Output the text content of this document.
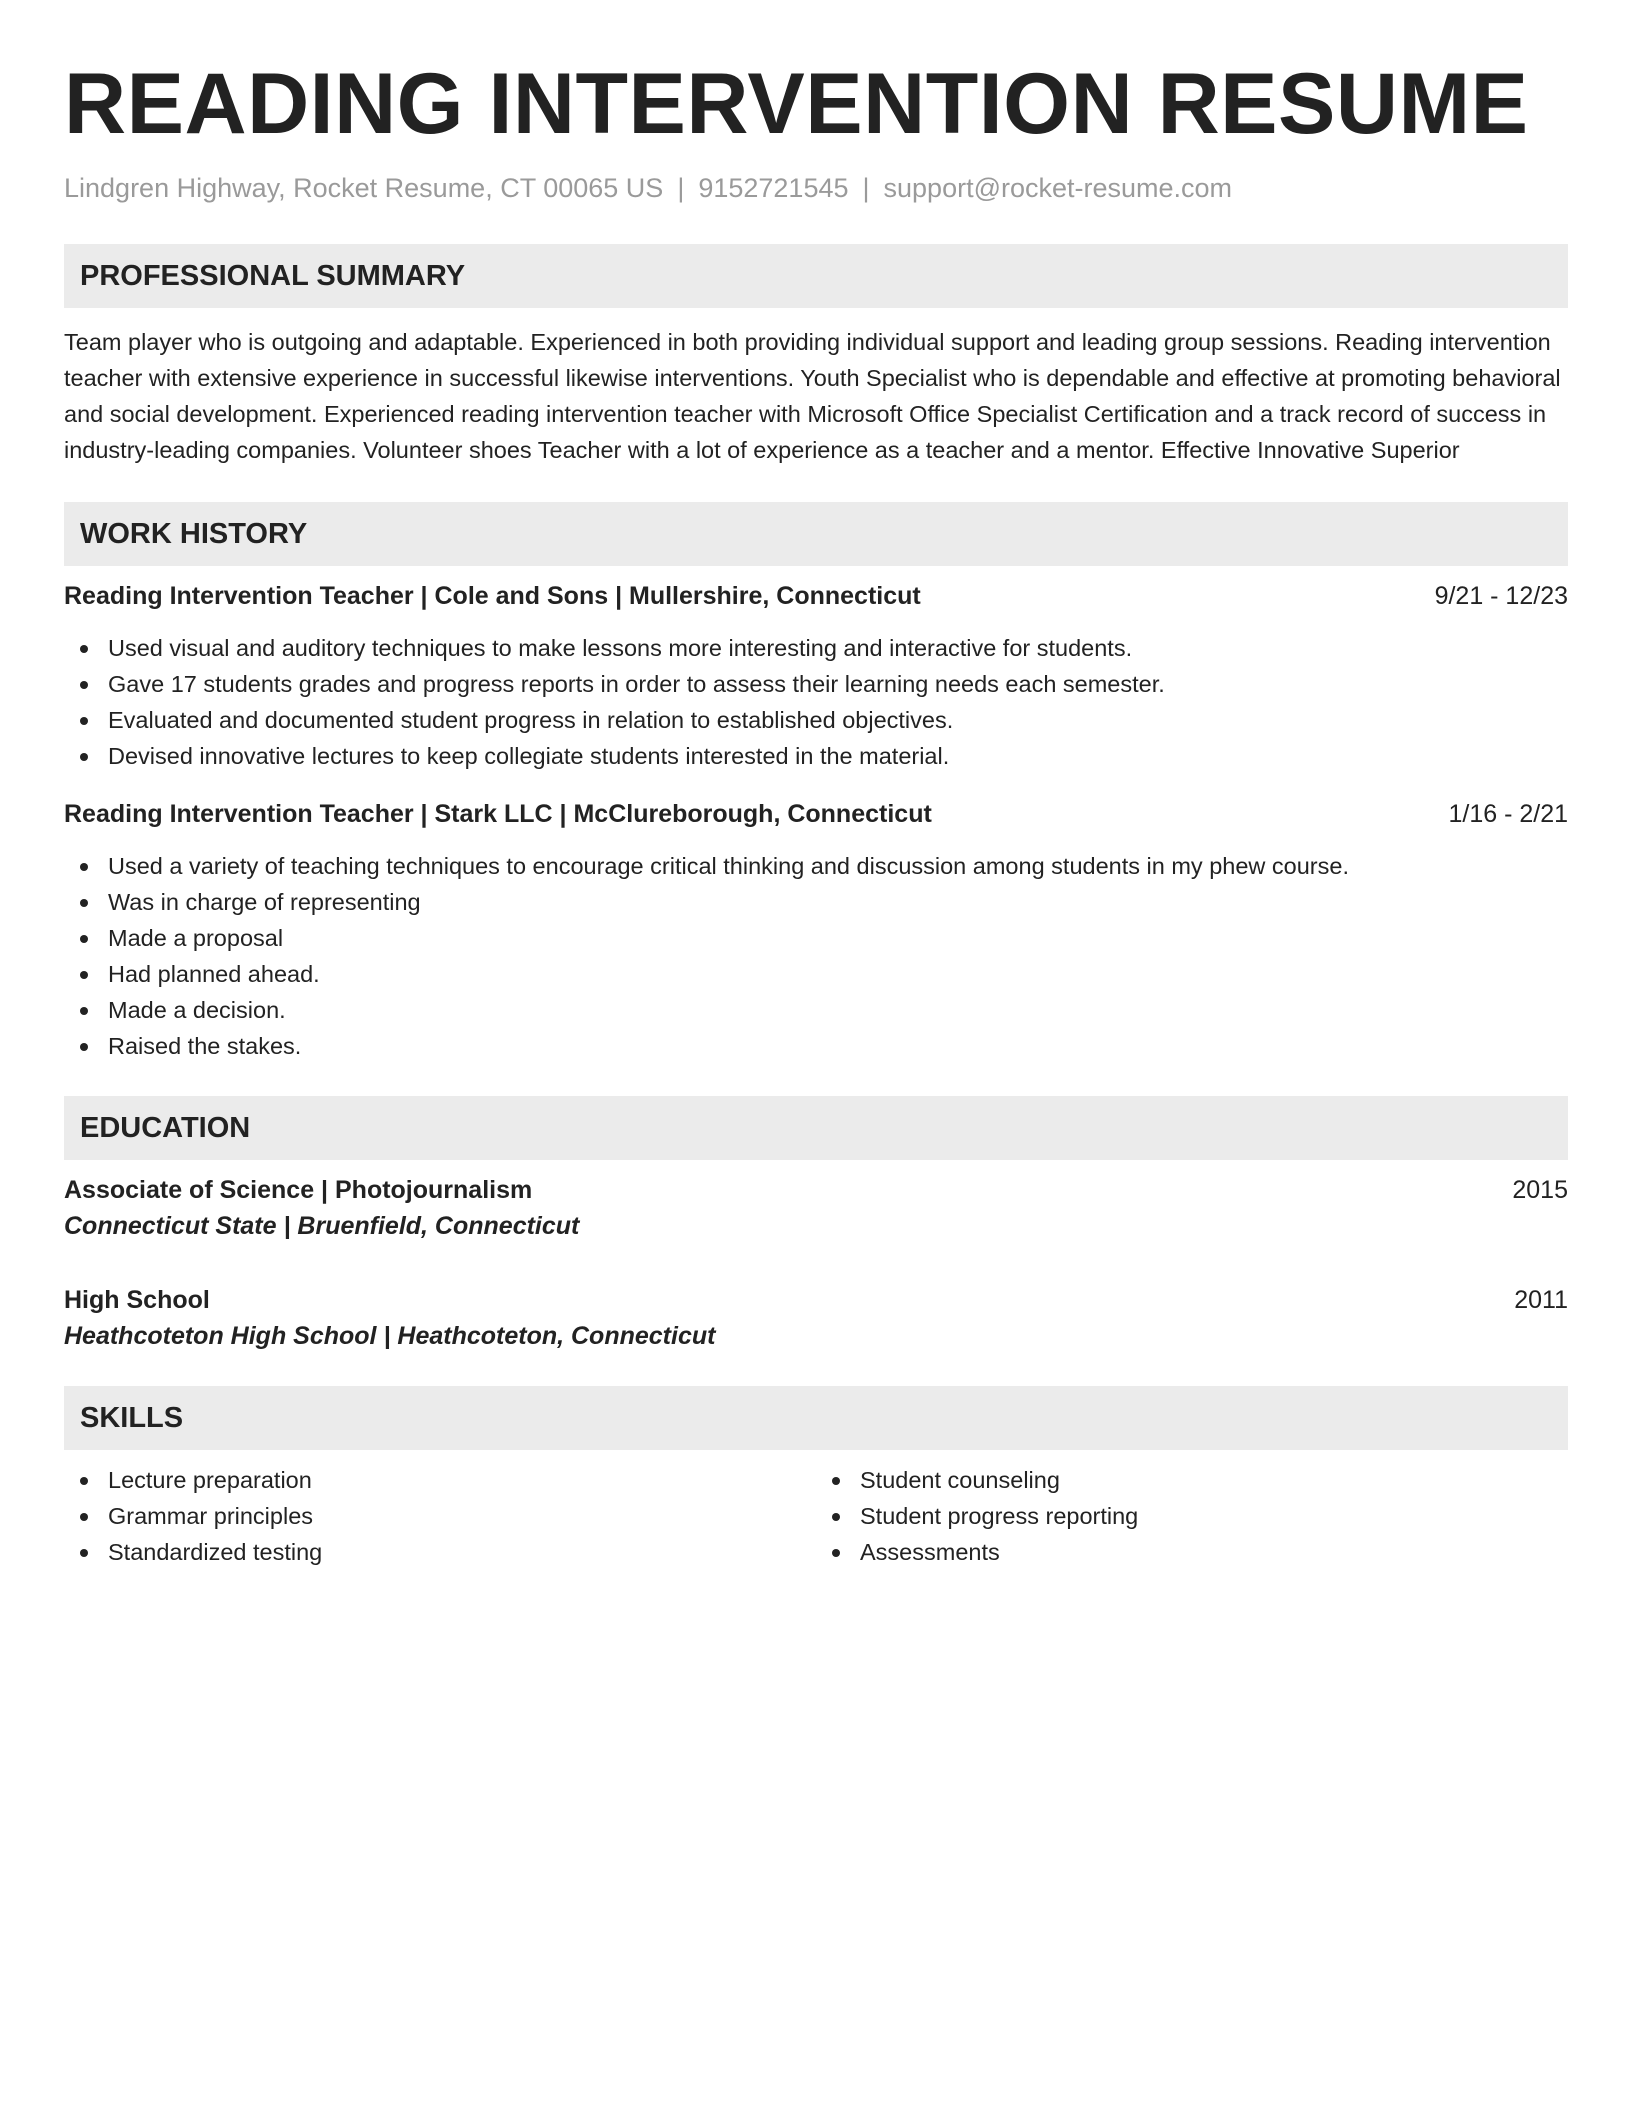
READING INTERVENTION RESUME
Lindgren Highway, Rocket Resume, CT 00065 US | 9152721545 | support@rocket-resume.com
PROFESSIONAL SUMMARY

Team player who is outgoing and adaptable. Experienced in both providing individual support and leading group sessions. Reading intervention teacher with extensive experience in successful likewise interventions. Youth Specialist who is dependable and effective at promoting behavioral and social development. Experienced reading intervention teacher with Microsoft Office Specialist Certification and a track record of success in industry-leading companies. Volunteer shoes Teacher with a lot of experience as a teacher and a mentor. Effective Innovative Superior

WORK HISTORY
Reading Intervention Teacher | Cole and Sons | Mullershire, Connecticut	9/21 - 12/23
Used visual and auditory techniques to make lessons more interesting and interactive for students.
Gave 17 students grades and progress reports in order to assess their learning needs each semester.
Evaluated and documented student progress in relation to established objectives.
Devised innovative lectures to keep collegiate students interested in the material.
Reading Intervention Teacher | Stark LLC | McClureborough, Connecticut	1/16 - 2/21
Used a variety of teaching techniques to encourage critical thinking and discussion among students in my phew course.
Was in charge of representing
Made a proposal
Had planned ahead.
Made a decision.
Raised the stakes.
EDUCATION
Associate of Science | Photojournalism	2015
Connecticut State | Bruenfield, Connecticut
High School	2011
Heathcoteton High School | Heathcoteton, Connecticut
SKILLS
Lecture preparation
Grammar principles
Standardized testing
Student counseling
Student progress reporting
Assessments
